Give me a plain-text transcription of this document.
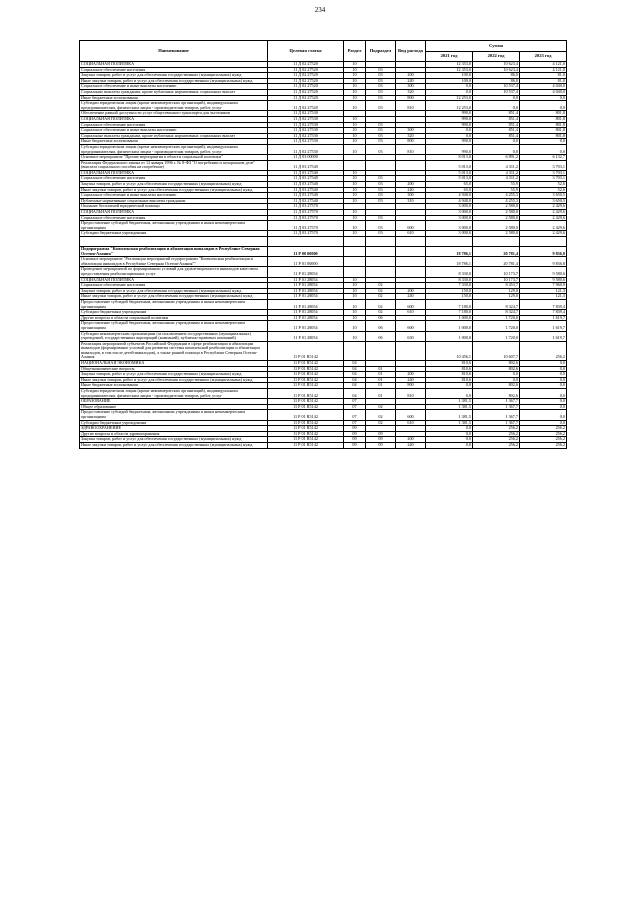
234
Наименование	Целевая статья	Раздел	Подраздел	Вид расхода	Сумма		
					2021 год	2022 год	2023 год
СОЦИАЛЬНАЯ ПОЛИТИКА	11 Д 02 27520	10			12 353,0	10 623,4	4 121,0
Социальное обеспечение населения	11 Д 02 27520	10	03		12 353,0	10 623,4	4 121,0
Закупка товаров, работ и услуг для обеспечения государственных (муниципальных) нужд	11 Д 02 27520	10	03	200	100,0	86,0	81,0
Иные закупки товаров, работ и услуг для обеспечения государственных (муниципальных) нужд	11 Д 02 27520	10	03	240	100,0	86,0	81,0
Социальное обеспечение и иные выплаты населению	11 Д 02 27520	10	03	300	0,0	10 537,4	4 040,0
Социальные выплаты гражданам, кроме публичных нормативных социальных выплат	11 Д 02 27520	10	03	320	0,0	10 537,4	4 040,0
Иные бюджетные ассигнования	11 Д 02 27520	10	03	800	12 253,0	0,0	0,0
Субсидии юридическим лицам (кроме некоммерческих организаций), индивидуальным предпринимателям, физическим лицам - производителям товаров, работ, услуг	11 Д 02 27520	10	03	810	12 253,0	0,0	0,0
Обеспечение равной доступности услуг общественного транспорта для льготников	11 Д 02 27530				990,0	851,4	801,8
СОЦИАЛЬНАЯ ПОЛИТИКА	11 Д 02 27530	10			990,0	851,4	801,8
Социальное обеспечение населения	11 Д 02 27530	10	03		990,0	851,4	801,8
Социальное обеспечение и иные выплаты населению	11 Д 02 27530	10	03	300	0,0	851,4	801,8
Социальные выплаты гражданам, кроме публичных нормативных социальных выплат	11 Д 02 27530	10	03	320	0,0	851,4	801,8
Иные бюджетные ассигнования	11 Д 02 27530	10	03	800	990,0	0,0	0,0
Субсидии юридическим лицам (кроме некоммерческих организаций), индивидуальным предпринимателям, физическим лицам - производителям товаров, работ, услуг	11 Д 02 27530	10	03	810	990,0	0,0	0,0
Основное мероприятие "Прочие мероприятия в области социальной политики"	11 Д 03 00000				8 013,0	6 891,2	6 132,7
Реализация Федерального закона от 12 января 1996 г. № 8-ФЗ "О погребении и похоронном деле" (выплата социального пособия на погребение)	11 Д 03 27540				5 013,0	4 311,2	3 703,1
СОЦИАЛЬНАЯ ПОЛИТИКА	11 Д 03 27540	10			5 013,0	4 311,2	3 703,1
Социальное обеспечение населения	11 Д 03 27540	10	03		5 013,0	4 311,2	3 703,1
Закупка товаров, работ и услуг для обеспечения государственных (муниципальных) нужд	11 Д 03 27540	10	03	200	65,0	55,9	52,6
Иные закупки товаров, работ и услуг для обеспечения государственных (муниципальных) нужд	11 Д 03 27540	10	03	240	65,0	55,9	52,6
Социальное обеспечение и иные выплаты населению	11 Д 03 27540	10	03	300	4 948,0	4 255,3	3 650,5
Публичные нормативные социальные выплаты гражданам	11 Д 03 27540	10	03	310	4 948,0	4 255,3	3 650,5
Оказание бесплатной юридической помощи	11 Д 03 27570				3 000,0	2 580,0	2 429,6
СОЦИАЛЬНАЯ ПОЛИТИКА	11 Д 03 27570	10			3 000,0	2 580,0	2 429,6
Социальное обеспечение населения	11 Д 03 27570	10	03		3 000,0	2 580,0	2 429,6
Предоставление субсидий бюджетным, автономным учреждениям и иным некоммерческим организациям	11 Д 03 27570	10	03	600	3 000,0	2 580,0	2 429,6
Субсидии бюджетным учреждениям	11 Д 03 27570	10	03	610	3 000,0	2 580,0	2 429,6

Подпрограмма "Комплексная реабилитация и абилитация инвалидов в Республике Северная Осетия-Алания"	11 Р 00 00000				18 786,1	20 781,4	9 836,8
Основное мероприятие "Реализация мероприятий подпрограммы "Комплексная реабилитация и абилитация инвалидов в Республике Северная Осетия-Алания""	11 Р 01 00000				18 786,1	20 781,4	9 836,8
Проведение мероприятий по формированию условий для удовлетворенности инвалидов качеством предоставления реабилитационных услуг	11 Р 01 28054				8 330,0	10 173,7	9 580,6
СОЦИАЛЬНАЯ ПОЛИТИКА	11 Р 01 28054	10			8 330,0	10 173,7	9 580,6
Социальное обеспечение населения	11 Р 01 28054	10	02		7 330,0	8 453,7	7 960,9
Закупка товаров, работ и услуг для обеспечения государственных (муниципальных) нужд	11 Р 01 28054	10	02	200	150,0	129,0	121,3
Иные закупки товаров, работ и услуг для обеспечения государственных (муниципальных) нужд	11 Р 01 28054	10	02	240	150,0	129,0	121,3
Предоставление субсидий бюджетным, автономным учреждениям и иным некоммерческим организациям	11 Р 01 28054	10	02	600	7 180,0	8 324,7	7 839,4
Субсидии бюджетным учреждениям	11 Р 01 28054	10	02	610	7 180,0	8 324,7	7 839,4
Другие вопросы в области социальной политики	11 Р 01 28054	10	06		1 000,0	1 720,0	1 619,7
Предоставление субсидий бюджетным, автономным учреждениям и иным некоммерческим организациям	11 Р 01 28054	10	06	600	1 000,0	1 720,0	1 619,7
Субсидии некоммерческим организациям (за исключением государственных (муниципальных) учреждений, государственных корпораций (компаний), публично-правовых компаний)	11 Р 01 28054	10	06	630	1 000,0	1 720,0	1 619,7
Реализация мероприятий субъектов Российской Федерации в сфере реабилитации и абилитации инвалидов (формирование условий для развития системы комплексной реабилитации и абилитации инвалидов, в том числе детей-инвалидов), а также ранней помощи в Республике Северная Осетия-Алания	11 Р 01 R5142				10 456,1	10 607,7	256,2
НАЦИОНАЛЬНАЯ ЭКОНОМИКА	11 Р 01 R5142	04			810,6	802,6	0,0
Общеэкономические вопросы	11 Р 01 R5142	04	01		810,6	802,6	0,0
Закупка товаров, работ и услуг для обеспечения государственных (муниципальных) нужд	11 Р 01 R5142	04	01	200	810,6	0,0	0,0
Иные закупки товаров, работ и услуг для обеспечения государственных (муниципальных) нужд	11 Р 01 R5142	04	01	240	810,6	0,0	0,0
Иные бюджетные ассигнования	11 Р 01 R5142	04	01	800	0,0	802,6	0,0
Субсидии юридическим лицам (кроме некоммерческих организаций), индивидуальным предпринимателям, физическим лицам - производителям товаров, работ, услуг	11 Р 01 R5142	04	01	810	0,0	802,6	0,0
ОБРАЗОВАНИЕ	11 Р 01 R5142	07			1 381,5	1 367,7	0,0
Общее образование	11 Р 01 R5142	07	02		1 381,5	1 367,7	0,0
Предоставление субсидий бюджетным, автономным учреждениям и иным некоммерческим организациям	11 Р 01 R5142	07	02	600	1 381,5	1 367,7	0,0
Субсидии бюджетным учреждениям	11 Р 01 R5142	07	02	610	1 381,5	1 367,7	0,0
ЗДРАВООХРАНЕНИЕ	11 Р 01 R5142	09			0,0	256,2	256,2
Другие вопросы в области здравоохранения	11 Р 01 R5142	09	09		0,0	256,2	256,2
Закупка товаров, работ и услуг для обеспечения государственных (муниципальных) нужд	11 Р 01 R5142	09	09	200	0,0	256,2	256,2
Иные закупки товаров, работ и услуг для обеспечения государственных (муниципальных) нужд	11 Р 01 R5142	09	09	240	0,0	256,2	256,2
